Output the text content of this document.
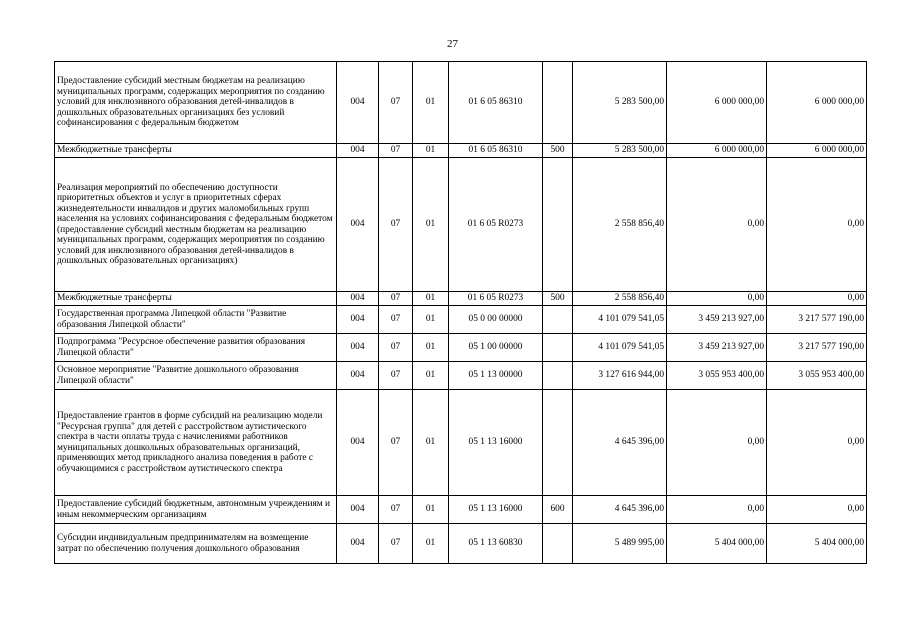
27
Предоставление субсидий местным бюджетам на реализацию муниципальных программ, содержащих мероприятия по созданию условий для инклюзивного образования детей-инвалидов в дошкольных образовательных организациях без условий софинансирования с федеральным бюджетом	004	07	01	01 6 05 86310		5 283 500,00	6 000 000,00	6 000 000,00
Межбюджетные трансферты	004	07	01	01 6 05 86310	500	5 283 500,00	6 000 000,00	6 000 000,00
Реализация мероприятий по обеспечению доступности приоритетных объектов и услуг в приоритетных сферах жизнедеятельности инвалидов и других маломобильных групп населения на условиях софинансирования с федеральным бюджетом (предоставление субсидий местным бюджетам на реализацию муниципальных программ, содержащих мероприятия по созданию условий для инклюзивного образования детей-инвалидов в дошкольных образовательных организациях)	004	07	01	01 6 05 R0273		2 558 856,40	0,00	0,00
Межбюджетные трансферты	004	07	01	01 6 05 R0273	500	2 558 856,40	0,00	0,00
Государственная программа Липецкой области "Развитие образования Липецкой области"	004	07	01	05 0 00 00000		4 101 079 541,05	3 459 213 927,00	3 217 577 190,00
Подпрограмма "Ресурсное обеспечение развития образования Липецкой области"	004	07	01	05 1 00 00000		4 101 079 541,05	3 459 213 927,00	3 217 577 190,00
Основное мероприятие "Развитие дошкольного образования Липецкой области"	004	07	01	05 1 13 00000		3 127 616 944,00	3 055 953 400,00	3 055 953 400,00
Предоставление грантов в форме субсидий на реализацию модели "Ресурсная группа" для детей с расстройством аутистического спектра в части оплаты труда с начислениями работников муниципальных дошкольных образовательных организаций, применяющих метод прикладного анализа поведения в работе с обучающимися с расстройством аутистического спектра	004	07	01	05 1 13 16000		4 645 396,00	0,00	0,00
Предоставление субсидий бюджетным, автономным учреждениям и иным некоммерческим организациям	004	07	01	05 1 13 16000	600	4 645 396,00	0,00	0,00
Субсидии индивидуальным предпринимателям на возмещение затрат по обеспечению получения дошкольного образования	004	07	01	05 1 13 60830		5 489 995,00	5 404 000,00	5 404 000,00
